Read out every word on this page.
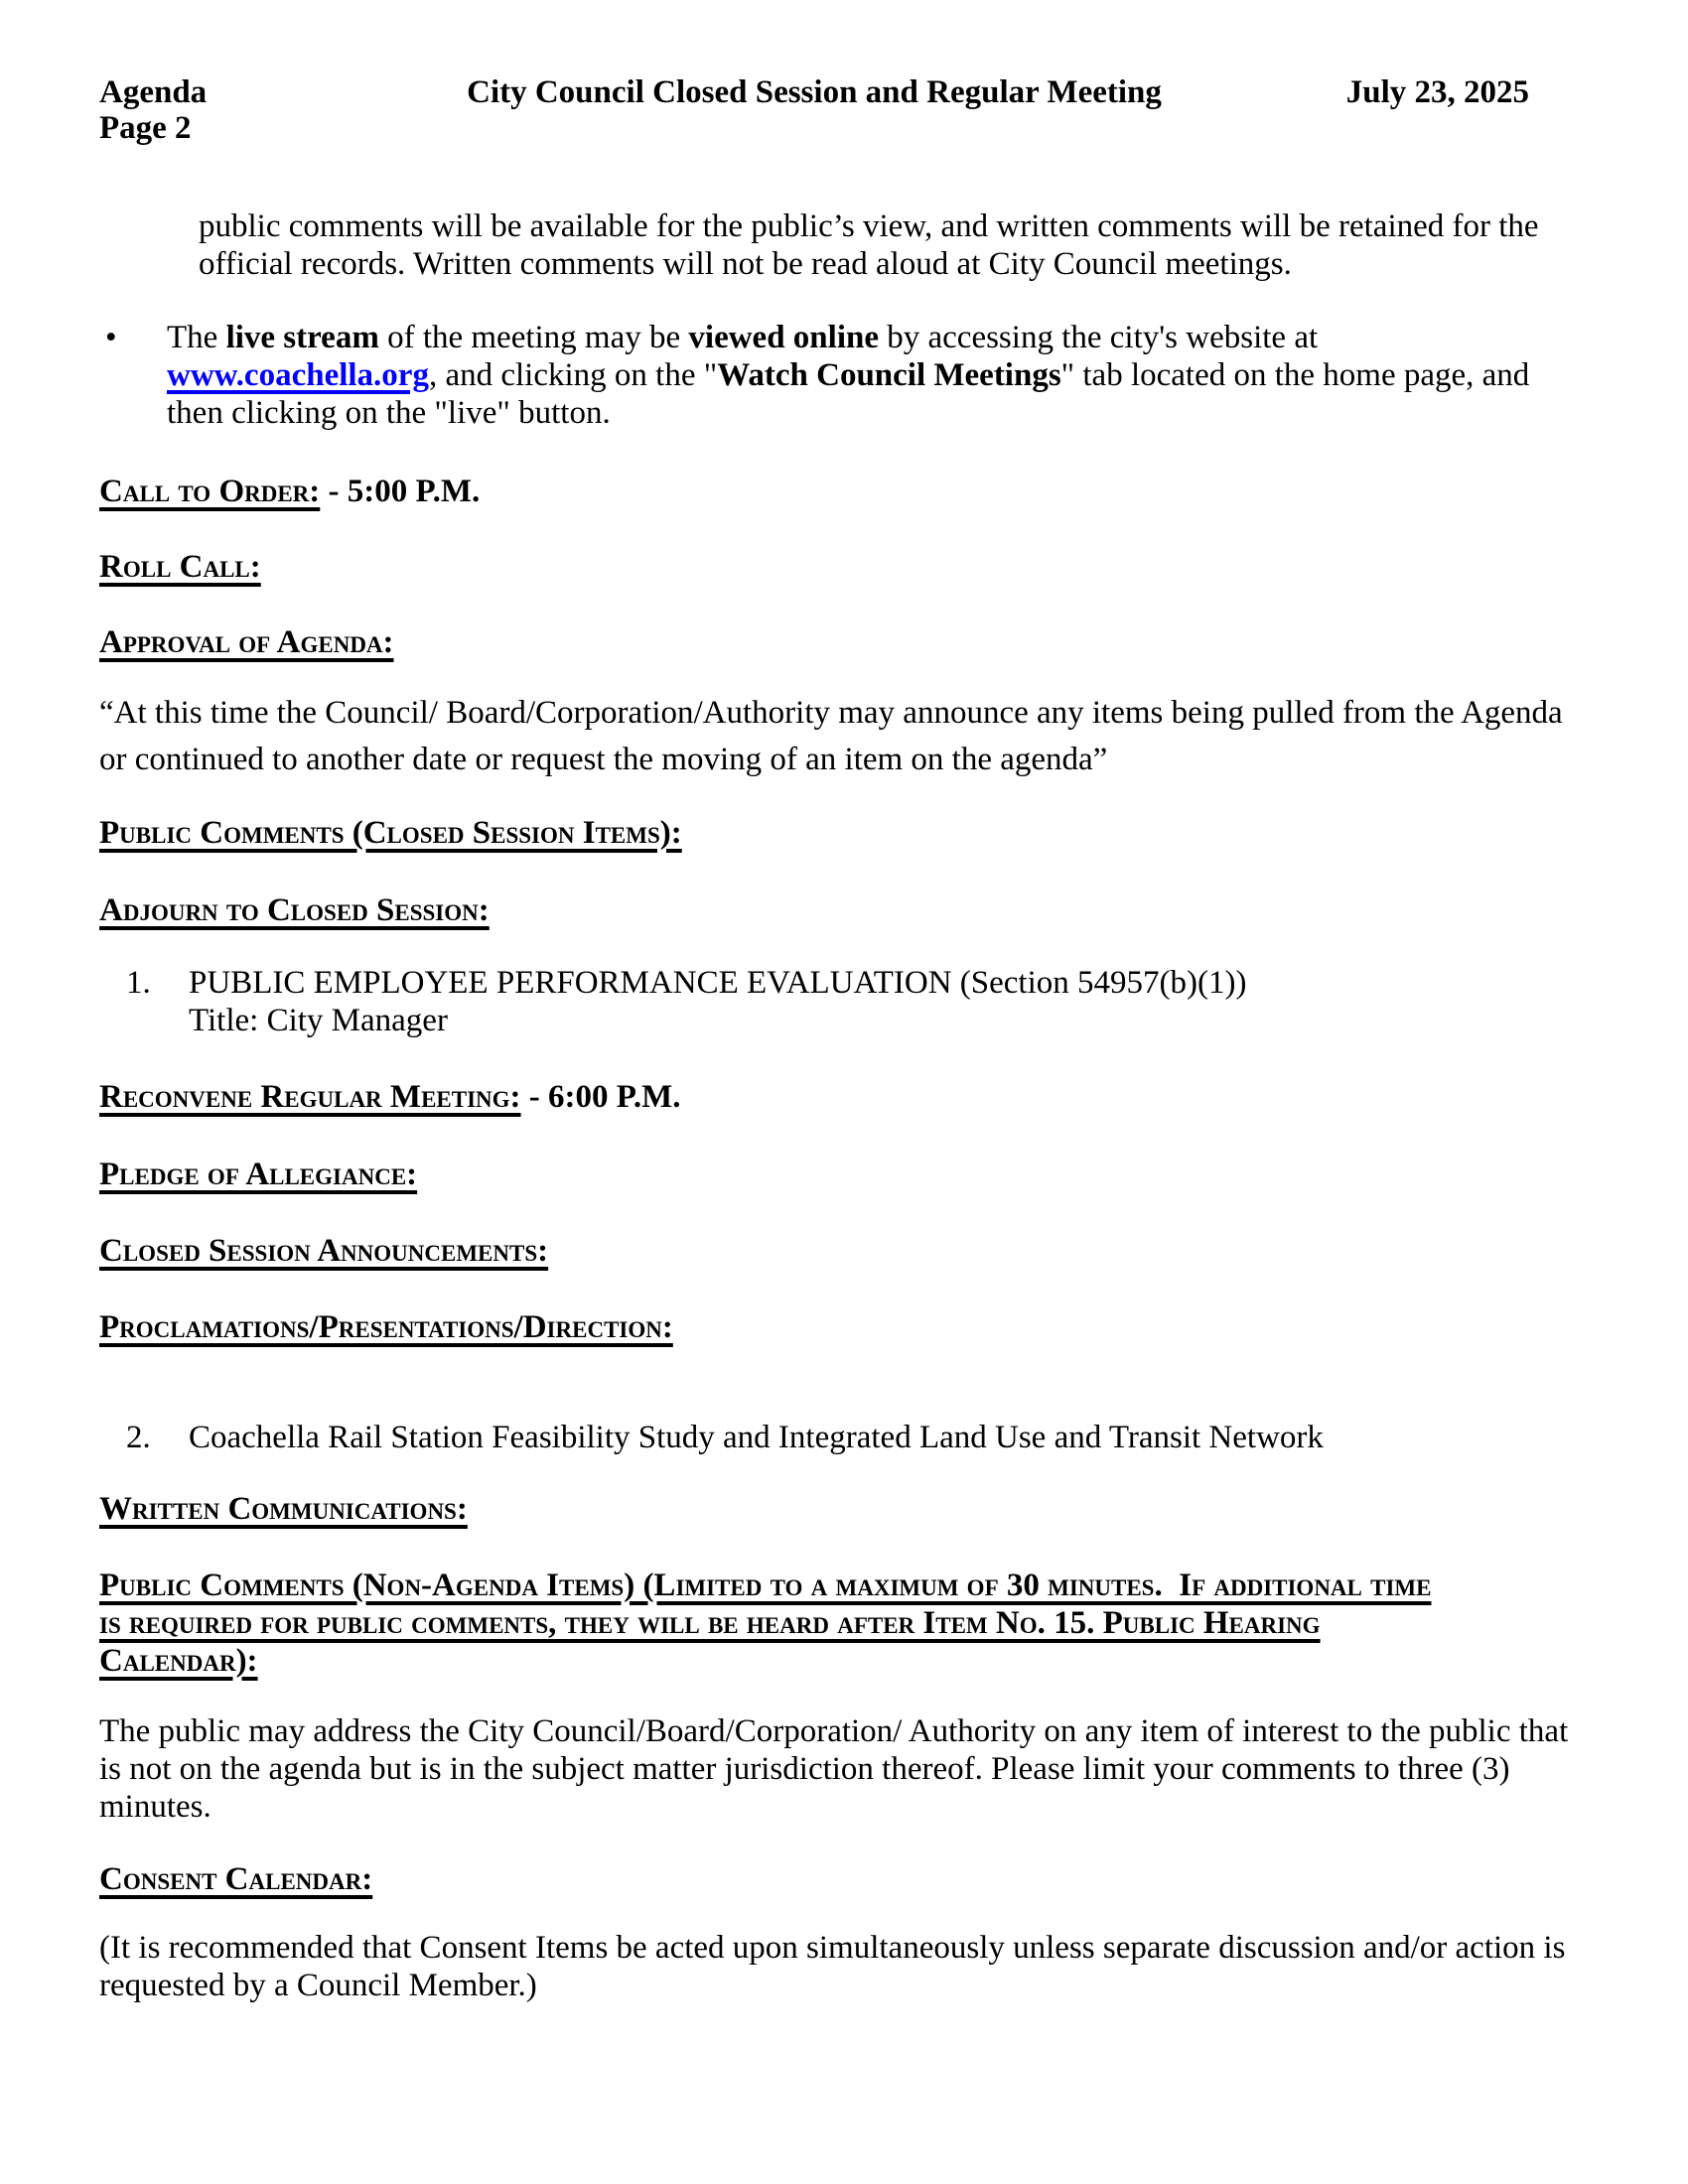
Agenda
Page 2
City Council Closed Session and Regular Meeting	July 23, 2025
public comments will be available for the public’s view, and written comments will be retained for the
official records. Written comments will not be read aloud at City Council meetings.
•	The live stream of the meeting may be viewed online by accessing the city's website at
www.coachella.org, and clicking on the "Watch Council Meetings" tab located on the home page, and
then clicking on the "live" button.
Call to Order: - 5:00 P.M.
Roll Call:
Approval of Agenda:
“At this time the Council/ Board/Corporation/Authority may announce any items being pulled from the Agenda
or continued to another date or request the moving of an item on the agenda”
Public Comments (Closed Session Items):
Adjourn to Closed Session:
1.	PUBLIC EMPLOYEE PERFORMANCE EVALUATION (Section 54957(b)(1))
Title: City Manager
Reconvene Regular Meeting: - 6:00 P.M.
Pledge of Allegiance:
Closed Session Announcements:
Proclamations/Presentations/Direction:
2.	Coachella Rail Station Feasibility Study and Integrated Land Use and Transit Network
Written Communications:
Public Comments (Non-Agenda Items) (Limited to a maximum of 30 minutes.  If additional time
is required for public comments, they will be heard after Item No. 15. Public Hearing
Calendar):
The public may address the City Council/Board/Corporation/ Authority on any item of interest to the public that
is not on the agenda but is in the subject matter jurisdiction thereof. Please limit your comments to three (3)
minutes.
Consent Calendar:
(It is recommended that Consent Items be acted upon simultaneously unless separate discussion and/or action is
requested by a Council Member.)
